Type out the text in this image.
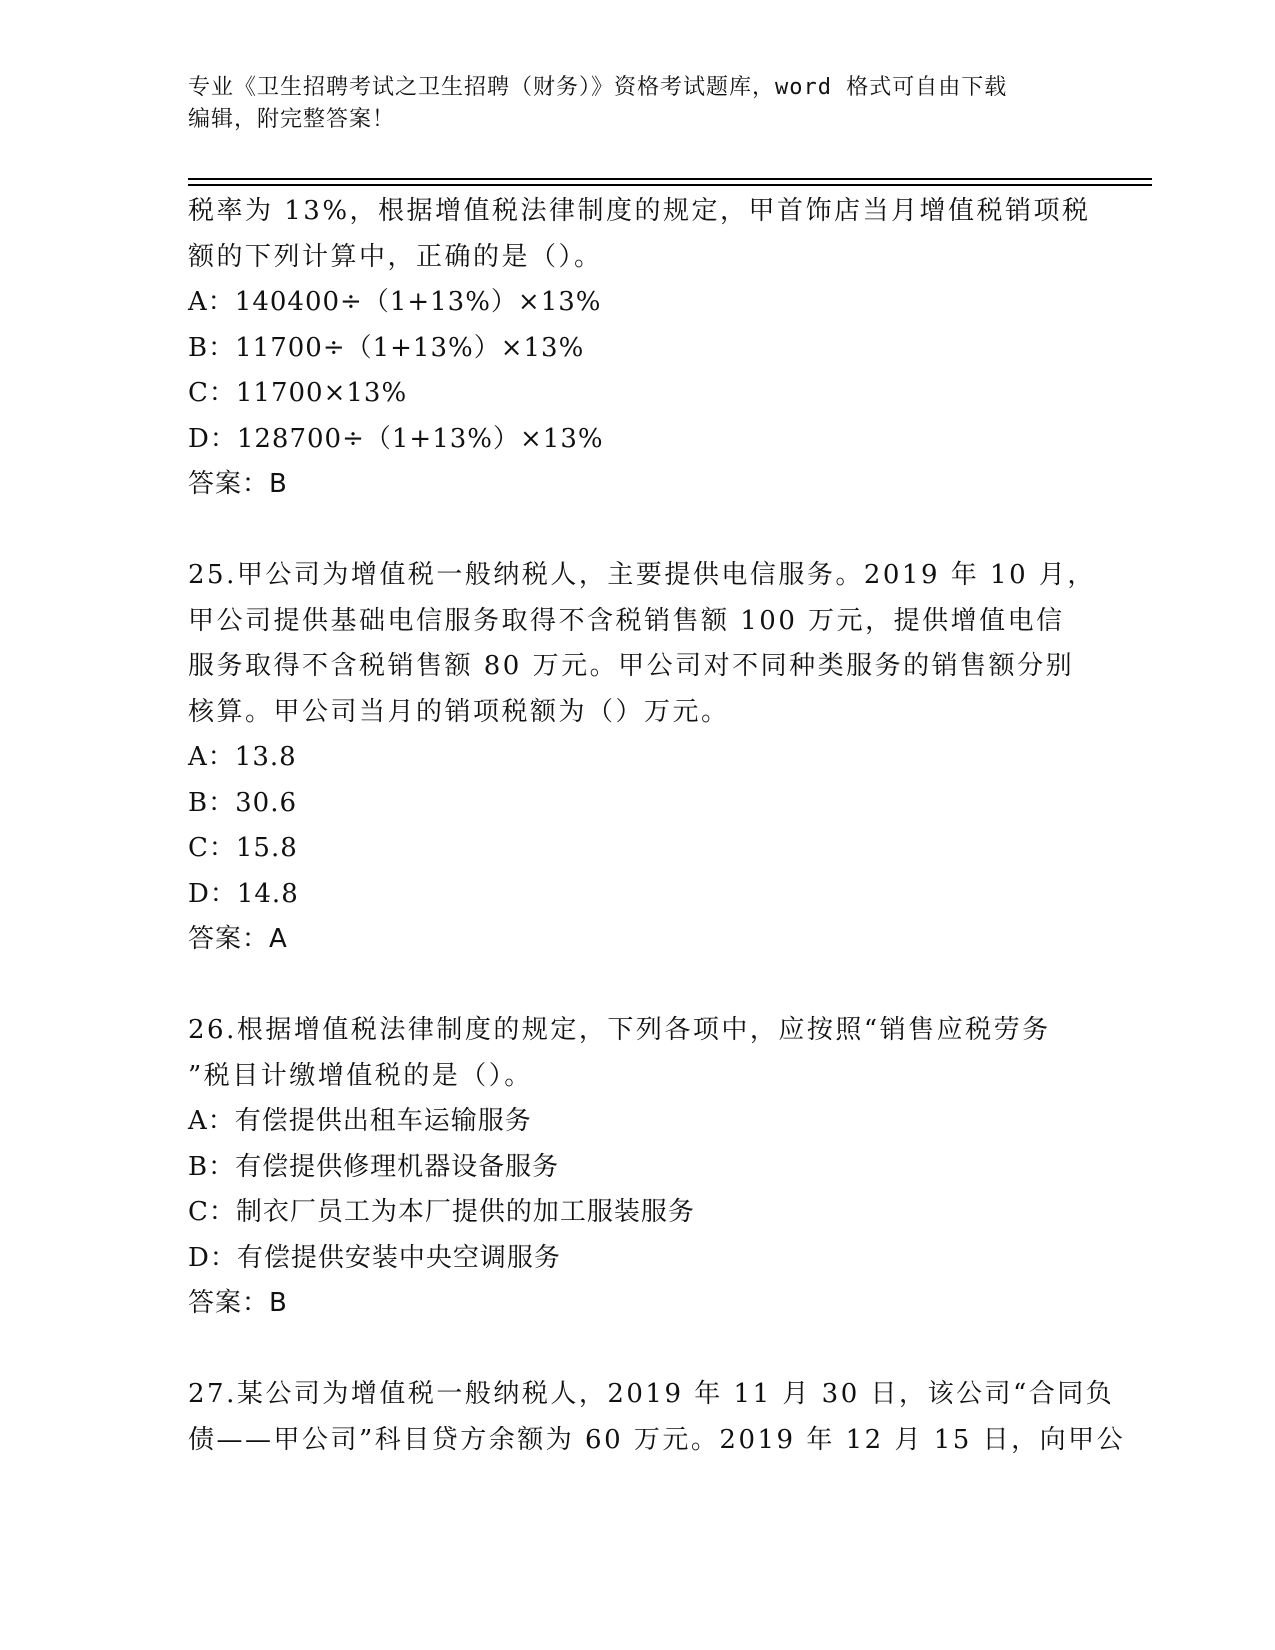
专业《卫生招聘考试之卫生招聘（财务）》资格考试题库，word 格式可自由下载
编辑，附完整答案！
税率为 13%，根据增值税法律制度的规定，甲首饰店当月增值税销项税
额的下列计算中，正确的是（）。
A：140400÷（1+13%）×13%
B：11700÷（1+13%）×13%
C：11700×13%
D：128700÷（1+13%）×13%
答案：B
25.甲公司为增值税一般纳税人，主要提供电信服务。2019 年 10 月，
甲公司提供基础电信服务取得不含税销售额 100 万元，提供增值电信
服务取得不含税销售额 80 万元。甲公司对不同种类服务的销售额分别
核算。甲公司当月的销项税额为（）万元。
A：13.8
B：30.6
C：15.8
D：14.8
答案：A
26.根据增值税法律制度的规定，下列各项中，应按照“销售应税劳务
”税目计缴增值税的是（）。
A：有偿提供出租车运输服务
B：有偿提供修理机器设备服务
C：制衣厂员工为本厂提供的加工服装服务
D：有偿提供安装中央空调服务
答案：B
27.某公司为增值税一般纳税人，2019 年 11 月 30 日，该公司“合同负
债——甲公司”科目贷方余额为 60 万元。2019 年 12 月 15 日，向甲公
